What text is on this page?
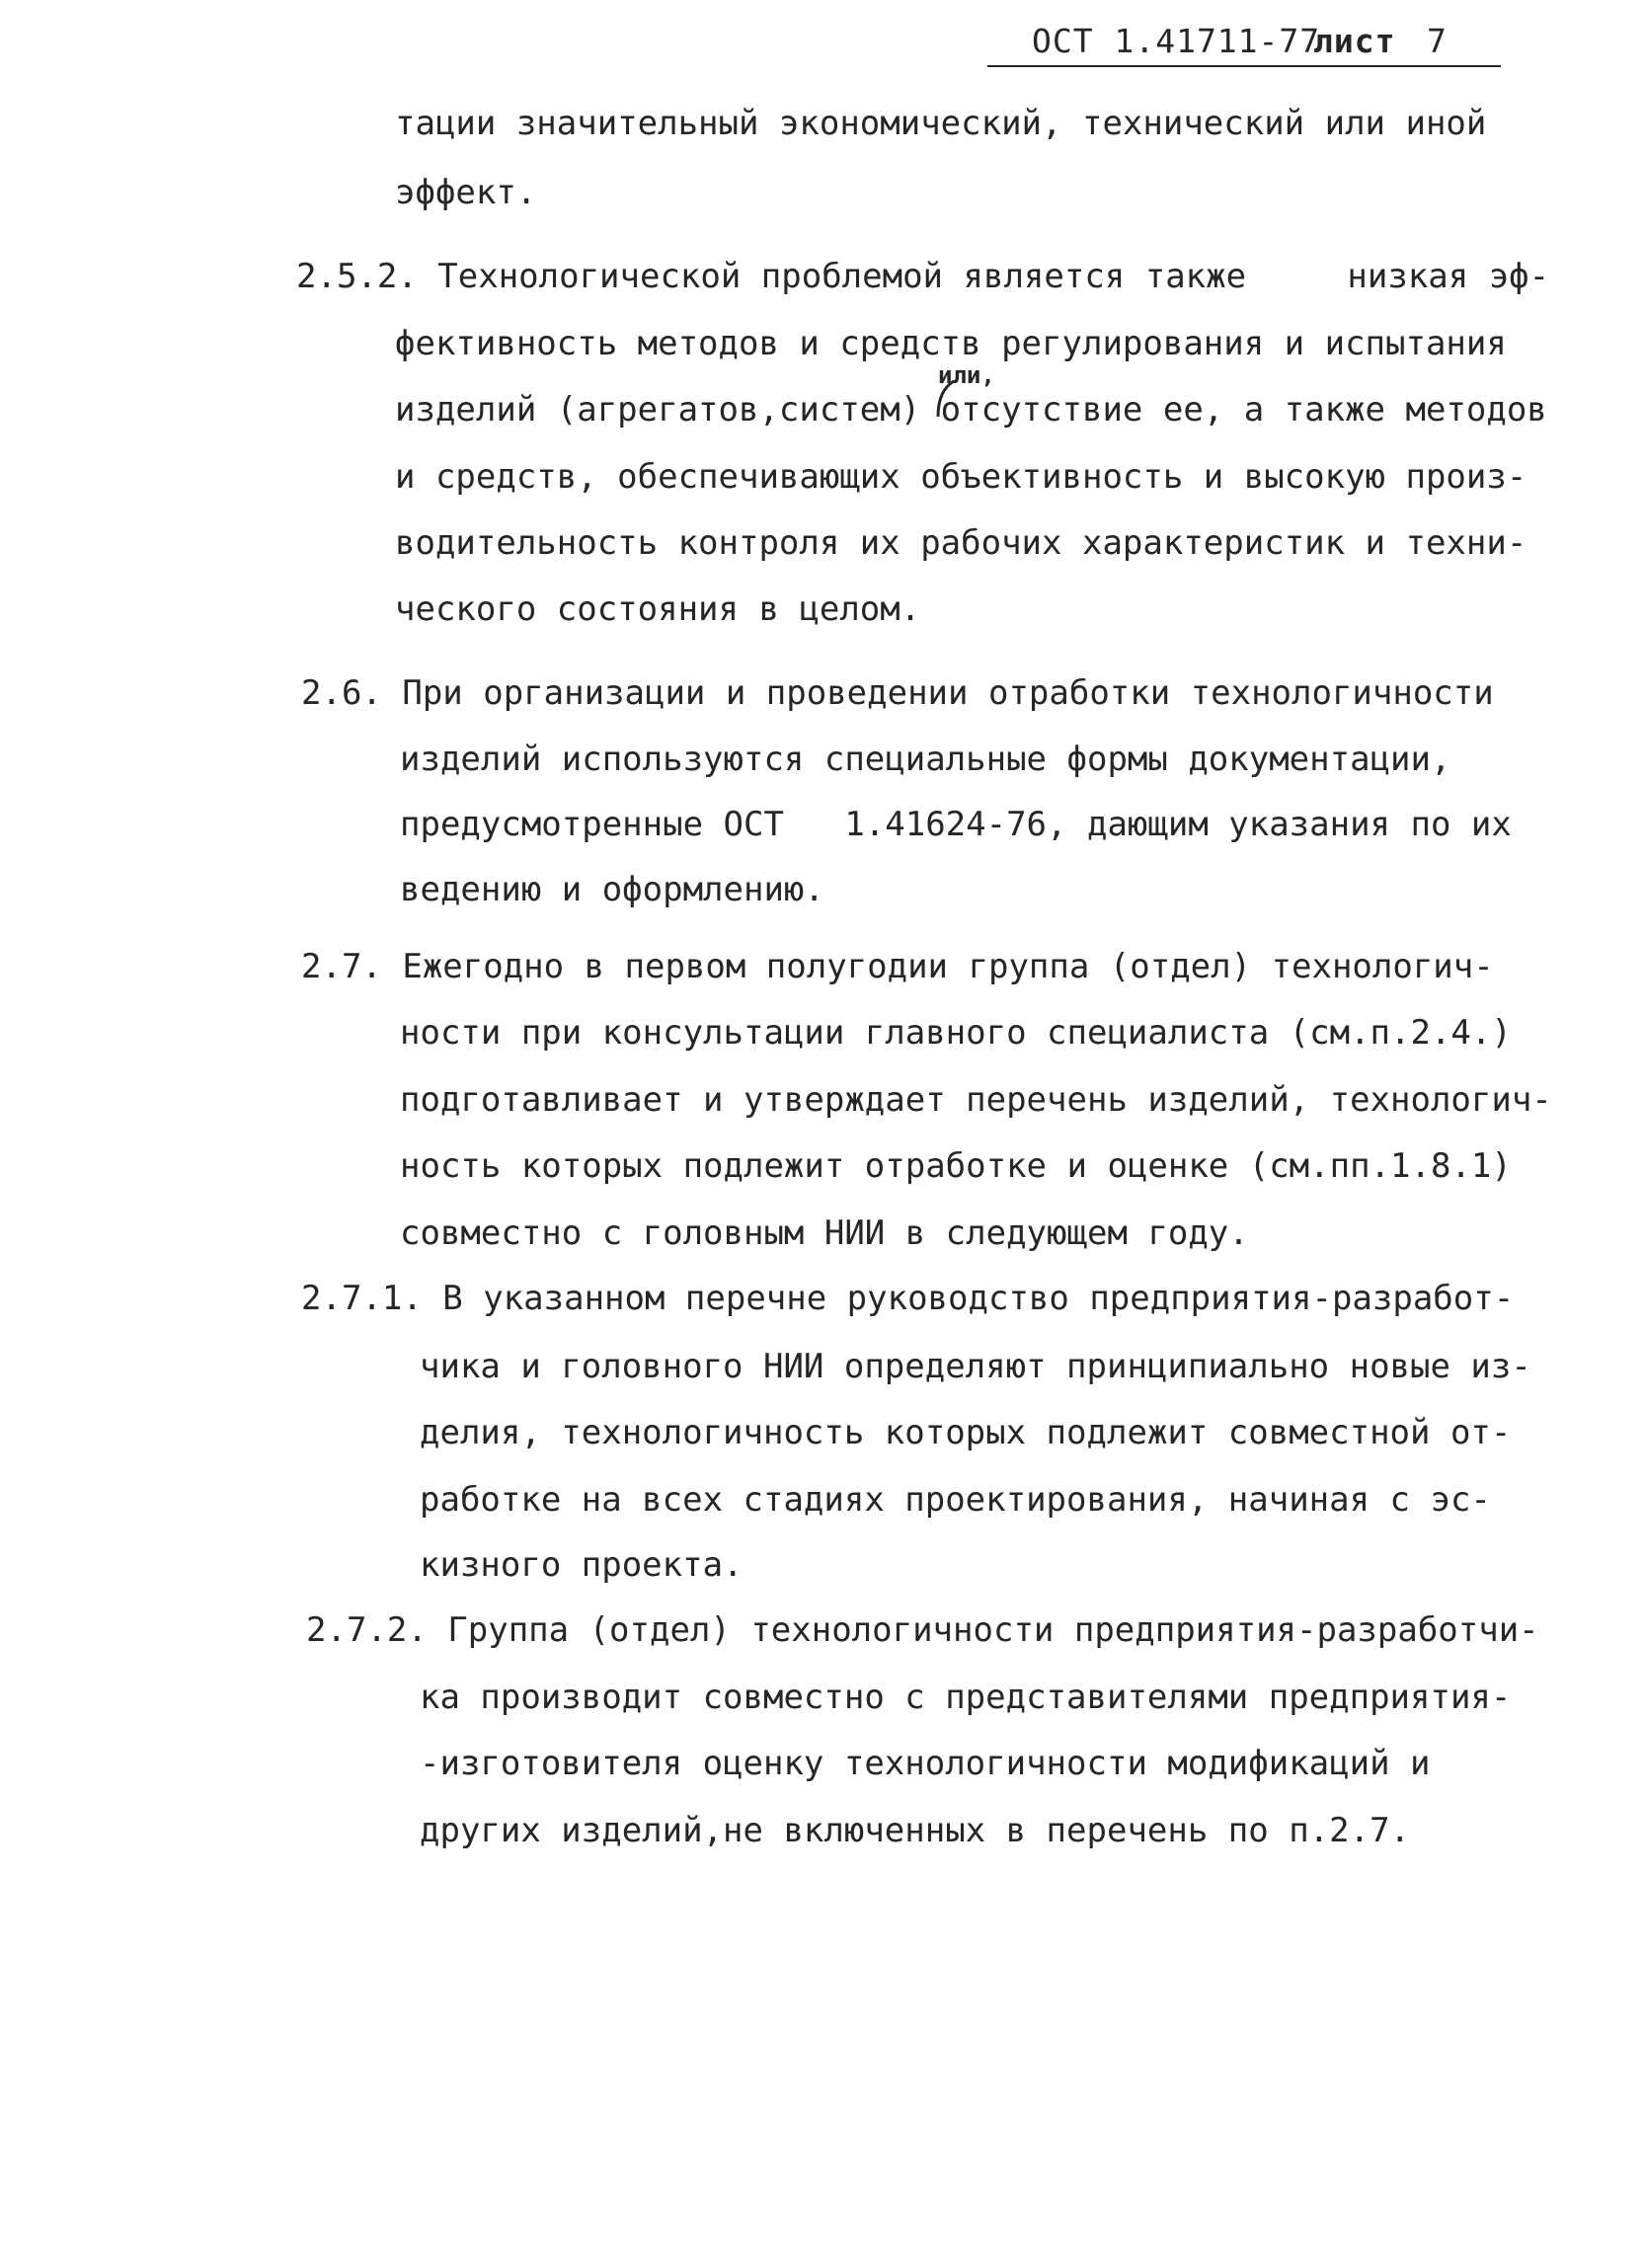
ОСТ 1.41711-77
лист 7
тации значительный экономический, технический или иной
эффект.
2.5.2. Технологической проблемой является также     низкая эф-
фективность методов и средств регулирования и испытания
или,
изделий (агрегатов,систем) отсутствие ее, а также методов
и средств, обеспечивающих объективность и высокую произ-
водительность контроля их рабочих характеристик и техни-
ческого состояния в целом.
2.6. При организации и проведении отработки технологичности
изделий используются специальные формы документации,
предусмотренные ОСТ   1.41624-76, дающим указания по их
ведению и оформлению.
2.7. Ежегодно в первом полугодии группа (отдел) технологич-
ности при консультации главного специалиста (см.п.2.4.)
подготавливает и утверждает перечень изделий, технологич-
ность которых подлежит отработке и оценке (см.пп.1.8.1)
совместно с головным НИИ в следующем году.
2.7.1. В указанном перечне руководство предприятия-разработ-
чика и головного НИИ определяют принципиально новые из-
делия, технологичность которых подлежит совместной от-
работке на всех стадиях проектирования, начиная с эс-
кизного проекта.
2.7.2. Группа (отдел) технологичности предприятия-разработчи-
ка производит совместно с представителями предприятия-
-изготовителя оценку технологичности модификаций и
других изделий,не включенных в перечень по п.2.7.
